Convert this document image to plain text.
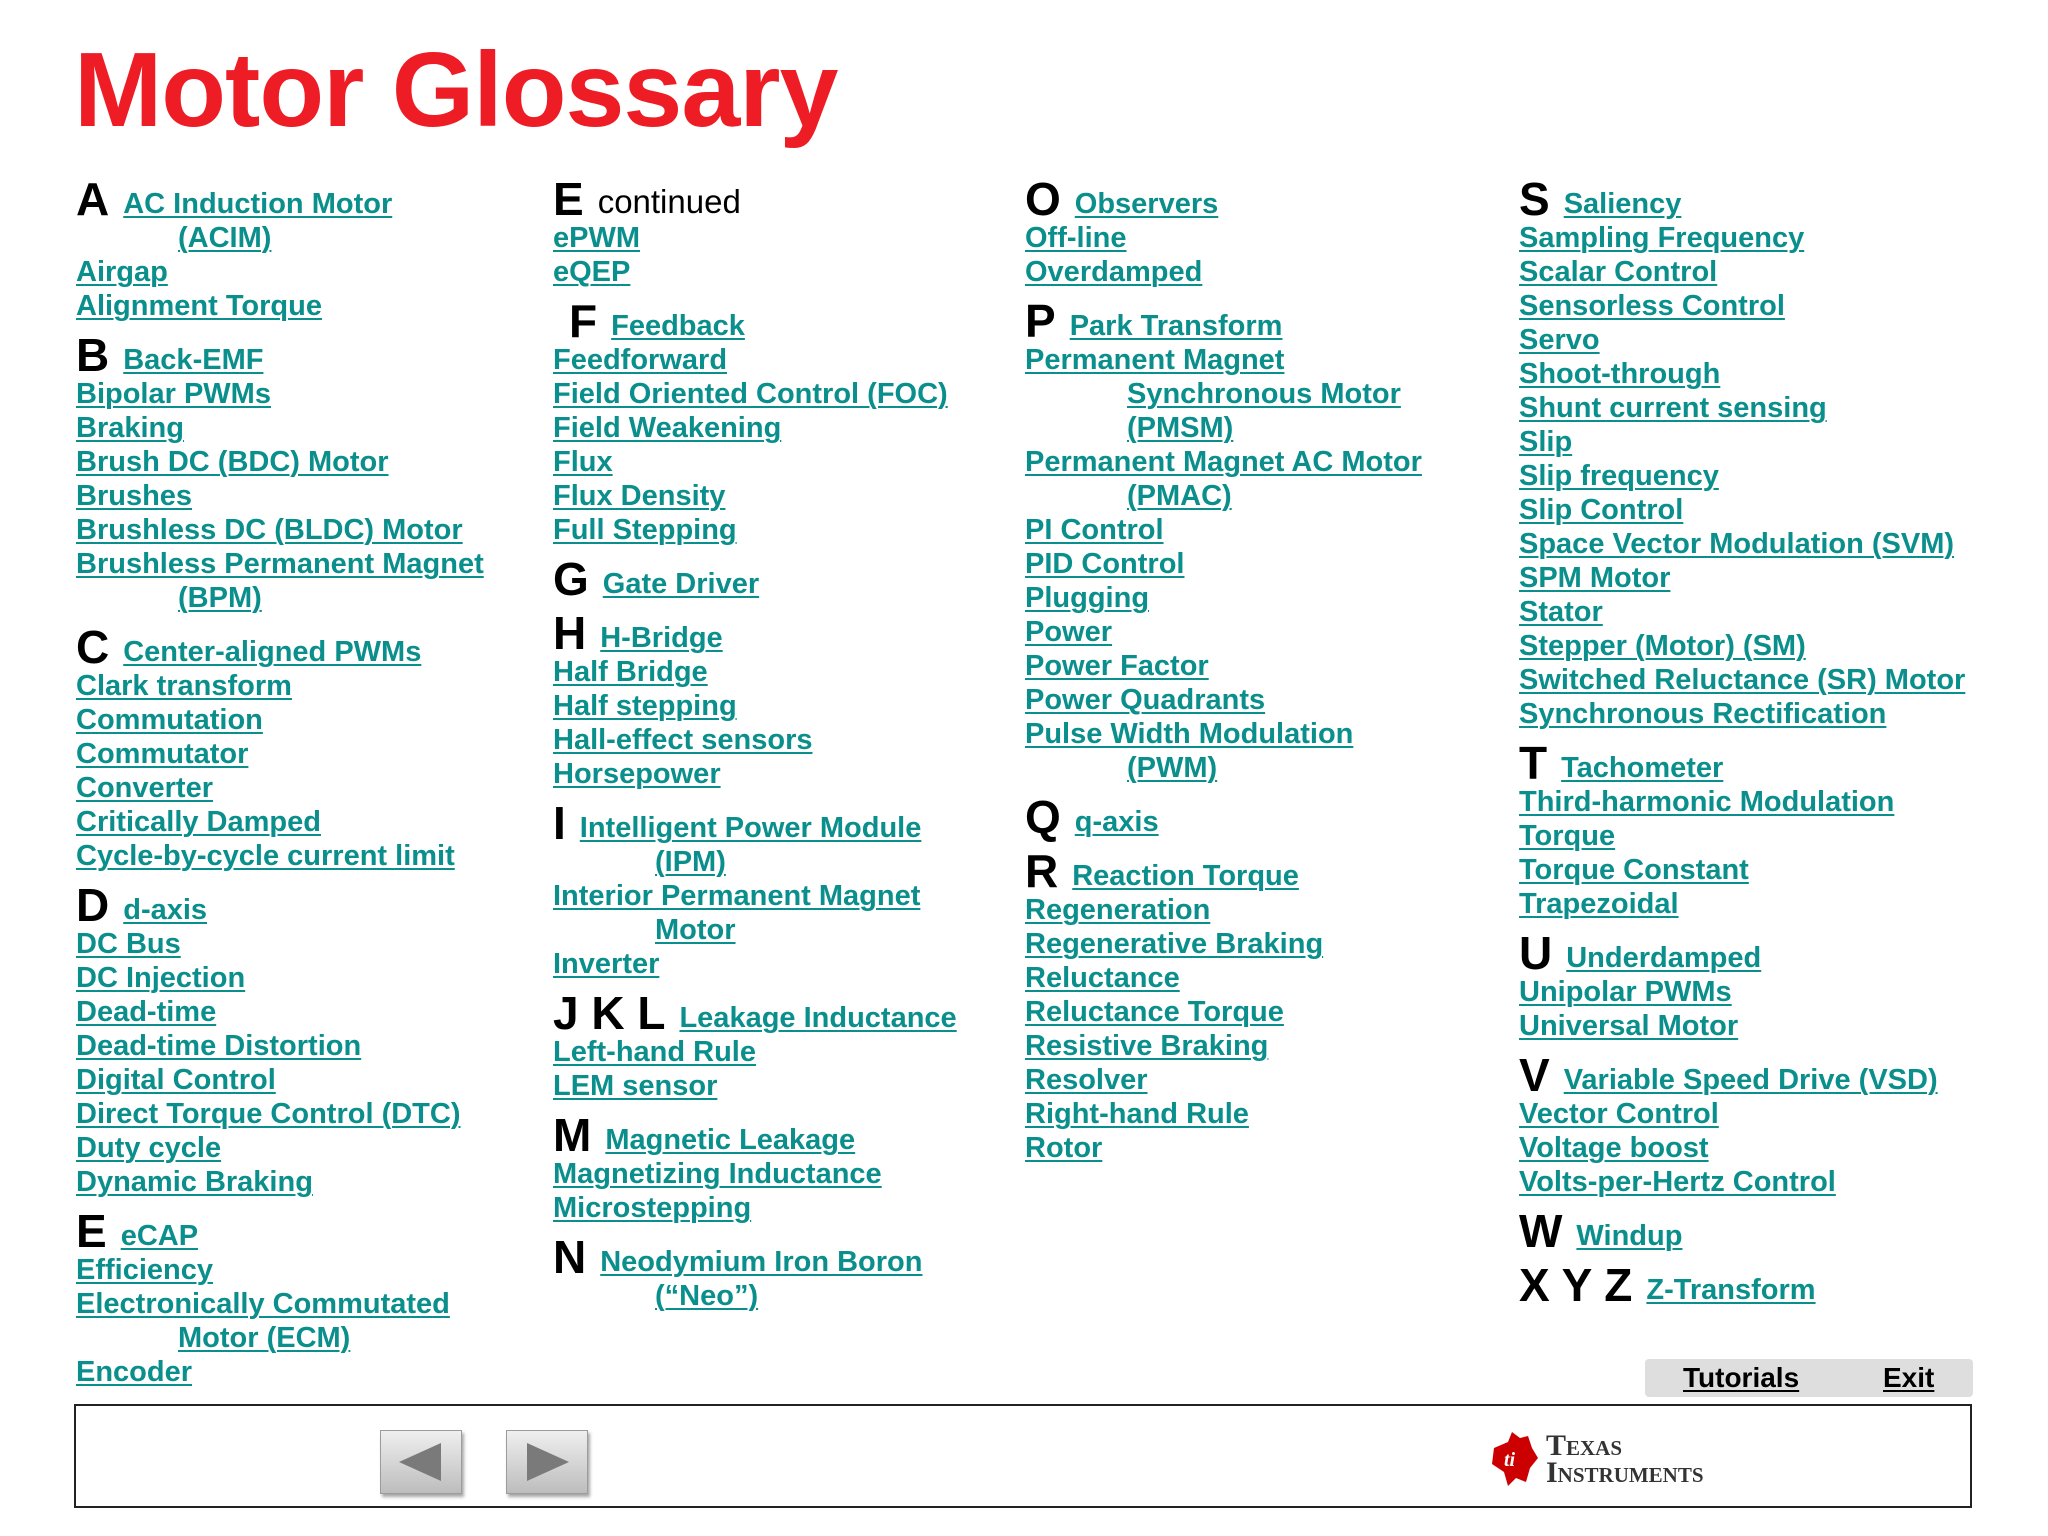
Motor Glossary
AAC Induction Motor
(ACIM)
Airgap
Alignment Torque
B Back-EMF
Bipolar PWMs
Braking
Brush DC (BDC) Motor
Brushes
Brushless DC (BLDC) Motor
Brushless Permanent Magnet
(BPM)
C Center-aligned PWMs
Clark transform
Commutation
Commutator
Converter
Critically Damped
Cycle-by-cycle current limit
Dd-axis
DC Bus
DC Injection
Dead-time
Dead-time Distortion
Digital Control
Direct Torque Control (DTC)
Duty cycle
Dynamic Braking
EeCAP
Efficiency
Electronically Commutated
Motor (ECM)
Encoder
E continued
ePWM
eQEP
F Feedback
Feedforward
Field Oriented Control (FOC)
Field Weakening
Flux
Flux Density
Full Stepping
G Gate Driver
H H-Bridge
Half Bridge
Half stepping
Hall-effect sensors
Horsepower
I Intelligent Power Module
(IPM)
Interior Permanent Magnet
Motor
Inverter
J K L Leakage Inductance
Left-hand Rule
LEM sensor
M Magnetic Leakage
Magnetizing Inductance
Microstepping
N Neodymium Iron Boron
(“Neo”)
O Observers
Off-line
Overdamped
P Park Transform
Permanent Magnet
Synchronous Motor
(PMSM)
Permanent Magnet AC Motor
(PMAC)
PI Control
PID Control
Plugging
Power
Power Factor
Power Quadrants
Pulse Width Modulation
(PWM)
Qq-axis
R Reaction Torque
Regeneration
Regenerative Braking
Reluctance
Reluctance Torque
Resistive Braking
Resolver
Right-hand Rule
Rotor
S Saliency
Sampling Frequency
Scalar Control
Sensorless Control
Servo
Shoot-through
Shunt current sensing
Slip
Slip frequency
Slip Control
Space Vector Modulation (SVM)
SPM Motor
Stator
Stepper (Motor) (SM)
Switched Reluctance (SR) Motor
Synchronous Rectification
T Tachometer
Third-harmonic Modulation
Torque
Torque Constant
Trapezoidal
U Underdamped
Unipolar PWMs
Universal Motor
V Variable Speed Drive (VSD)
Vector Control
Voltage boost
Volts-per-Hertz Control
W Windup
X Y Z Z-Transform
Tutorials	Exit
ti Texas
Instruments
